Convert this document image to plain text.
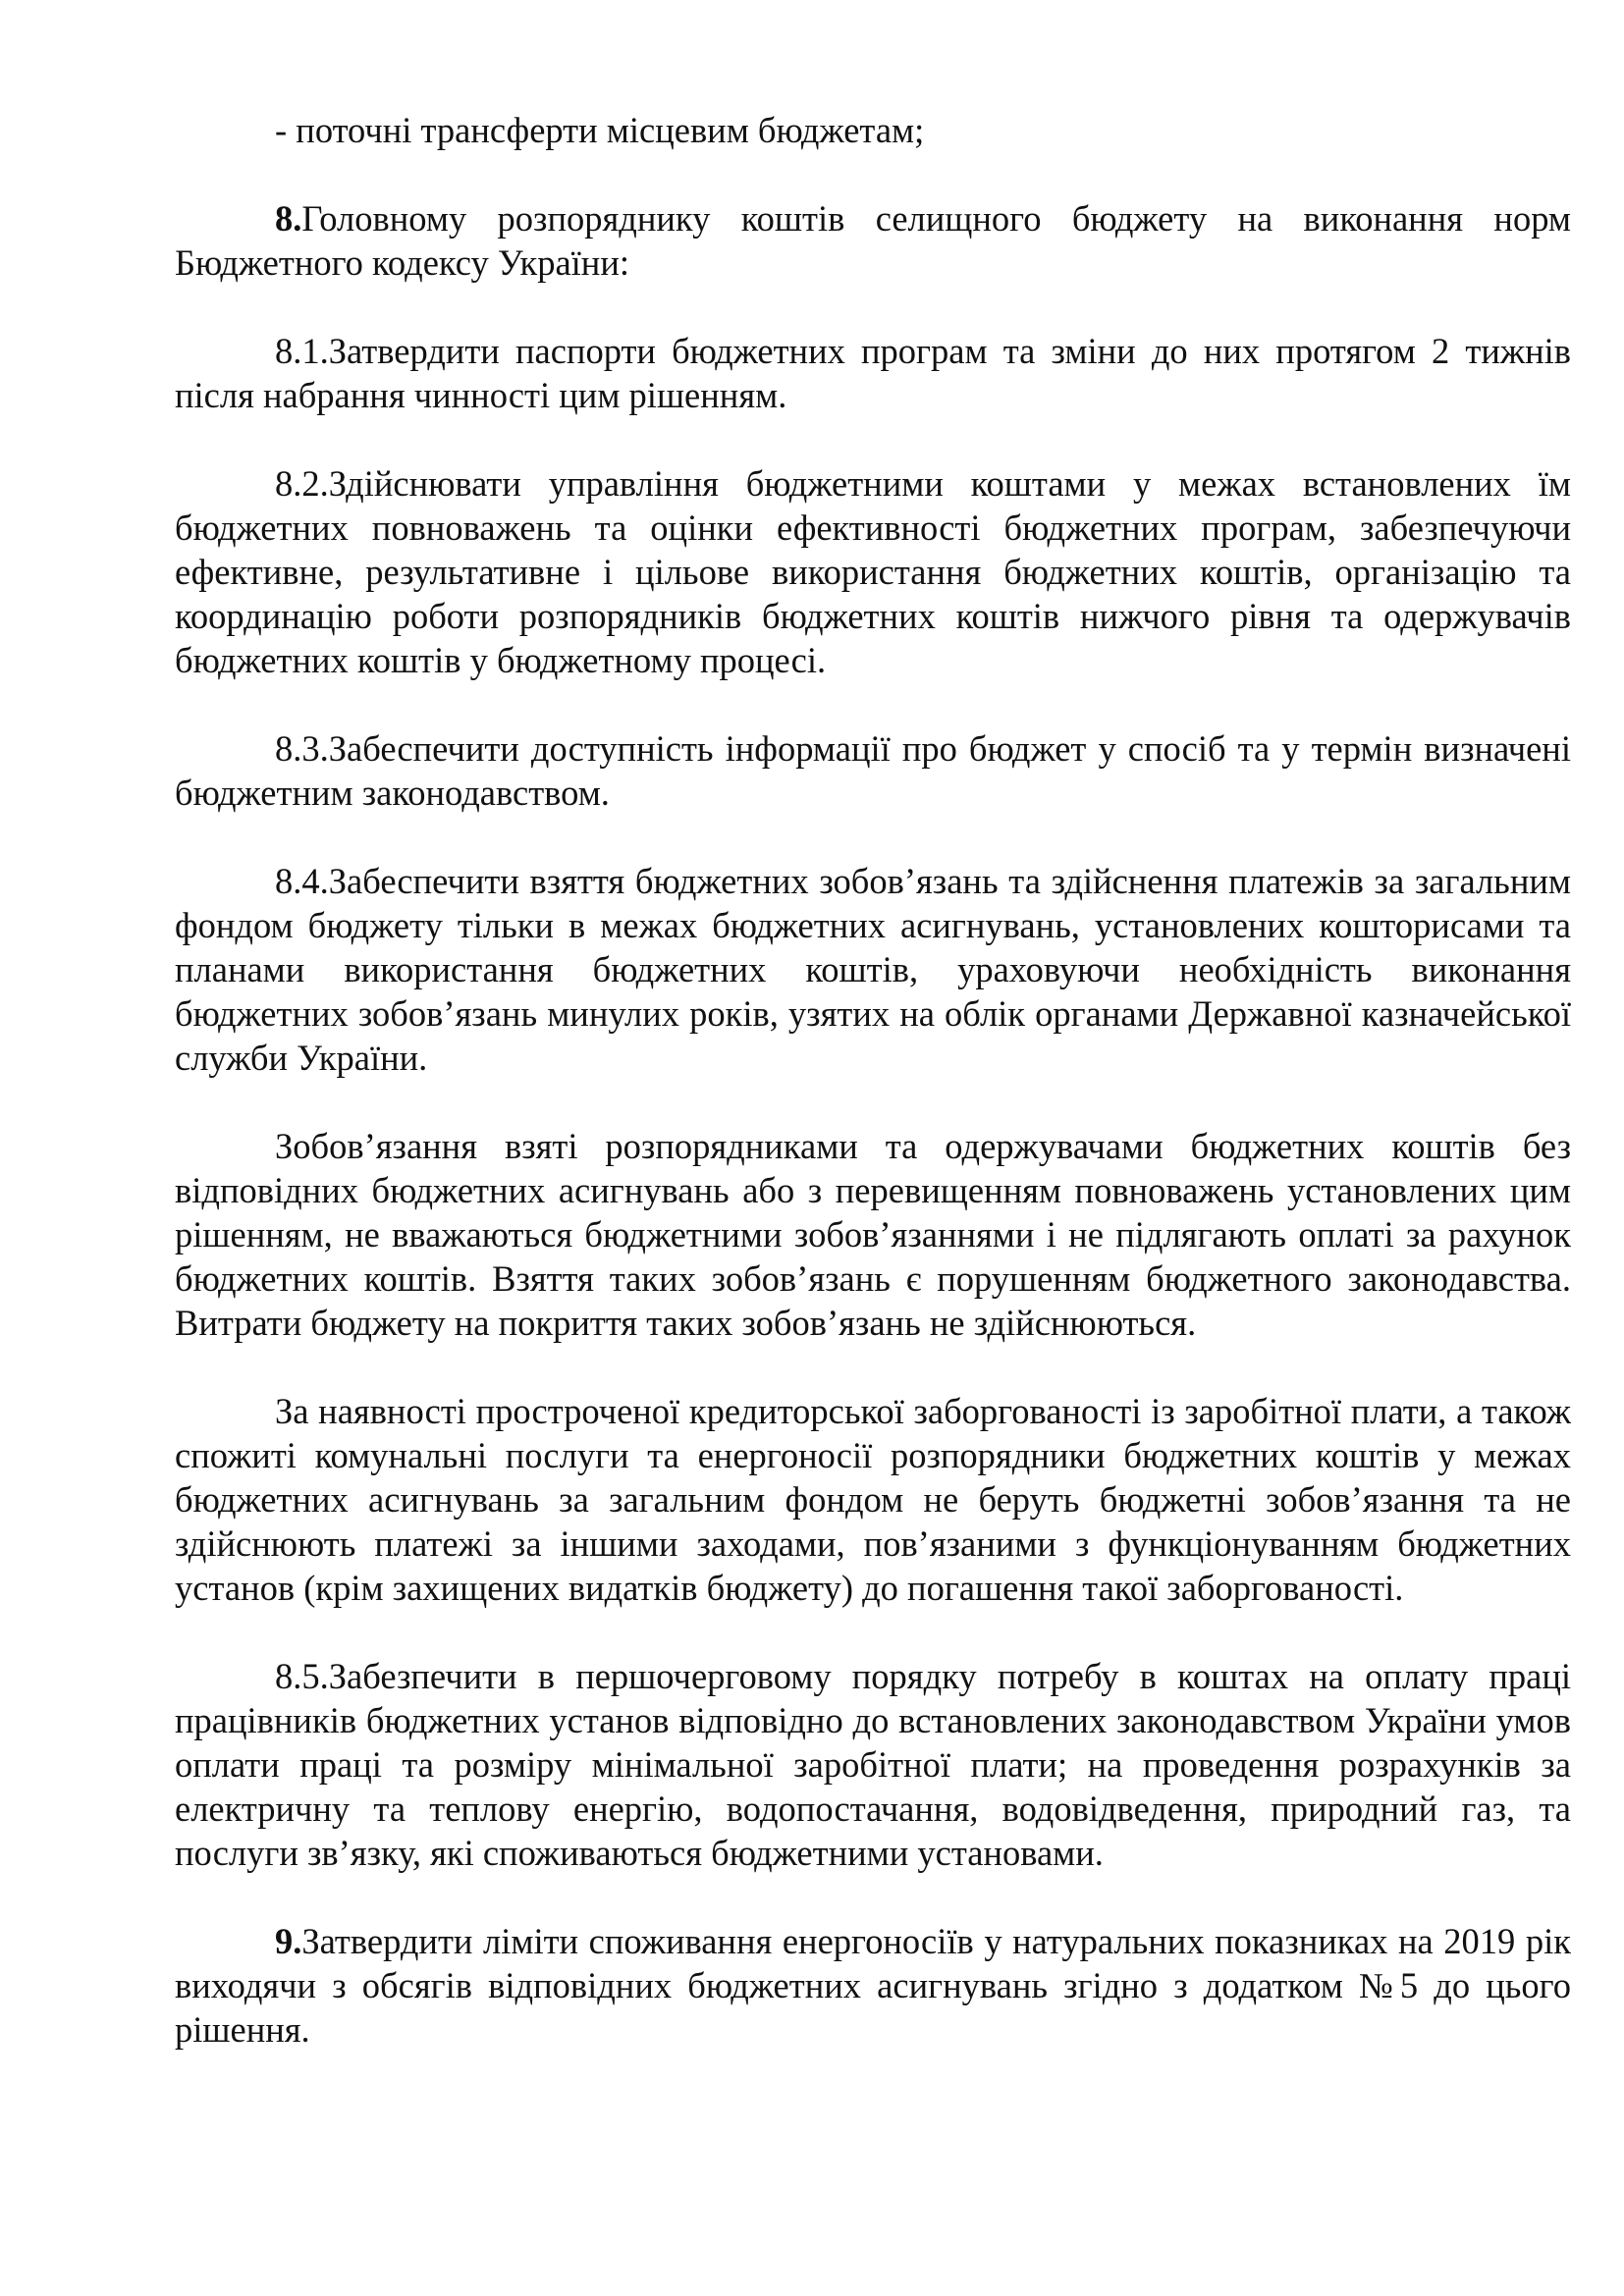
- поточні трансферти місцевим бюджетам;

8.Головному розпоряднику коштів селищного бюджету на виконання норм Бюджетного кодексу України:

8.1.Затвердити паспорти бюджетних програм та зміни до них протягом 2 тижнів після набрання чинності цим рішенням.

8.2.Здійснювати управління бюджетними коштами у межах встановлених їм бюджетних повноважень та оцінки ефективності бюджетних програм, забезпечуючи ефективне, результативне і цільове використання бюджетних коштів, організацію та координацію роботи розпорядників бюджетних коштів нижчого рівня та одержувачів бюджетних коштів у бюджетному процесі.

8.3.Забеспечити доступність інформації про бюджет у спосіб та у термін визначені бюджетним законодавством.

8.4.Забеспечити взяття бюджетних зобов’язань та здійснення платежів за загальним фондом бюджету тільки в межах бюджетних асигнувань, установлених кошторисами та планами використання бюджетних коштів, ураховуючи необхідність виконання бюджетних зобов’язань минулих років, узятих на облік органами Державної казначейської служби України.

Зобов’язання взяті розпорядниками та одержувачами бюджетних коштів без відповідних бюджетних асигнувань або з перевищенням повноважень установлених цим рішенням, не вважаються бюджетними зобов’язаннями і не підлягають оплаті за рахунок бюджетних коштів. Взяття таких зобов’язань є порушенням бюджетного законодавства. Витрати бюджету на покриття таких зобов’язань не здійснюються.

За наявності простроченої кредиторської заборгованості із заробітної плати, а також спожиті комунальні послуги та енергоносії розпорядники бюджетних коштів у межах бюджетних асигнувань за загальним фондом не беруть бюджетні зобов’язання та не здійснюють платежі за іншими заходами, пов’язаними з функціонуванням бюджетних установ (крім захищених видатків бюджету) до погашення такої заборгованості.

8.5.Забезпечити в першочерговому порядку потребу в коштах на оплату праці працівників бюджетних установ відповідно до встановлених законодавством України умов оплати праці та розміру мінімальної заробітної плати; на проведення розрахунків за електричну та теплову енергію, водопостачання, водовідведення, природний газ, та послуги зв’язку, які споживаються бюджетними установами.

9.Затвердити ліміти споживання енергоносіїв у натуральних показниках на 2019 рік виходячи з обсягів відповідних бюджетних асигнувань згідно з додатком №5 до цього рішення.
